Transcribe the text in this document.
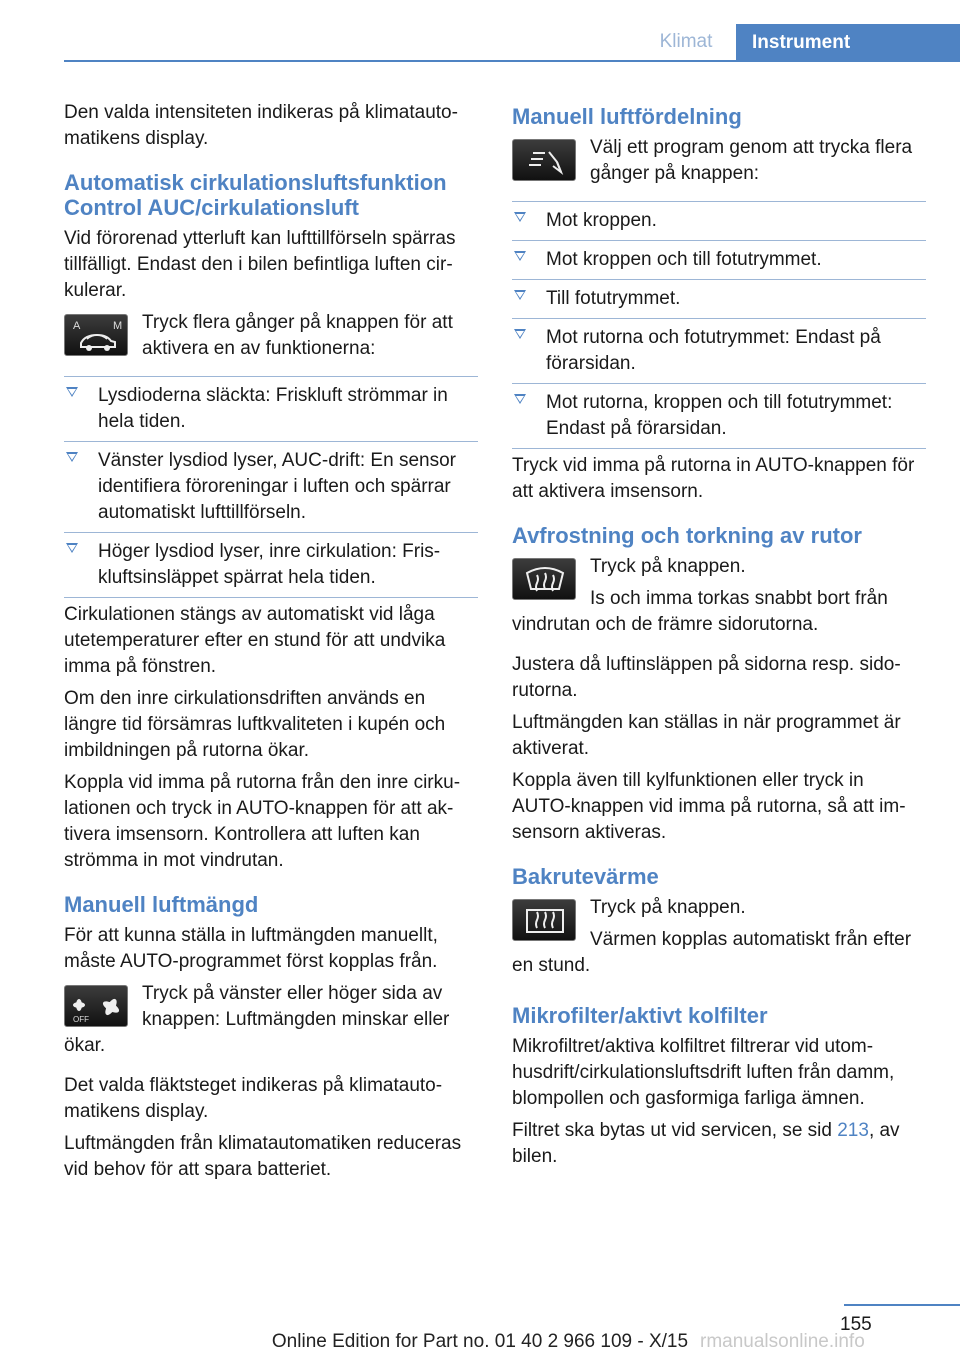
Klimat	Instrument

Den valda intensiteten indikeras på klimatautomatikens display.

Automatisk cirkulationsluftsfunktion Control AUC/cirkulationsluft

Vid förorenad ytterluft kan lufttillförseln spärras tillfälligt. Endast den i bilen befintliga luften cirkulerar.

A	M	Tryck flera gånger på knappen för att aktivera en av funktionerna:

Lysdioderna släckta: Friskluft strömmar in hela tiden.
Vänster lysdiod lyser, AUC-drift: En sensor identifiera föroreningar i luften och spärrar automatiskt lufttillförseln.
Höger lysdiod lyser, inre cirkulation: Friskluftsinsläppet spärrat hela tiden.

Cirkulationen stängs av automatiskt vid låga utetemperaturer efter en stund för att undvika imma på fönstren.

Om den inre cirkulationsdriften används en längre tid försämras luftkvaliteten i kupén och imbildningen på rutorna ökar.

Koppla vid imma på rutorna från den inre cirkulationen och tryck in AUTO-knappen för att aktivera imsensorn. Kontrollera att luften kan strömma in mot vindrutan.

Manuell luftmängd

För att kunna ställa in luftmängden manuellt, måste AUTO-programmet först kopplas från.

OFF

Tryck på vänster eller höger sida av knappen: Luftmängden minskar eller ökar.

Det valda fläktsteget indikeras på klimatautomatikens display.

Luftmängden från klimatautomatiken reduceras vid behov för att spara batteriet.

Manuell luftfördelning

Välj ett program genom att trycka flera gånger på knappen:

Mot kroppen.
Mot kroppen och till fotutrymmet.
Till fotutrymmet.
Mot rutorna och fotutrymmet: Endast på förarsidan.
Mot rutorna, kroppen och till fotutrymmet: Endast på förarsidan.

Tryck vid imma på rutorna in AUTO-knappen för att aktivera imsensorn.

Avfrostning och torkning av rutor

Tryck på knappen.

Is och imma torkas snabbt bort från vindrutan och de främre sidorutorna.

Justera då luftinsläppen på sidorna resp. sidorutorna.

Luftmängden kan ställas in när programmet är aktiverat.

Koppla även till kylfunktionen eller tryck in AUTO-knappen vid imma på rutorna, så att imsensorn aktiveras.

Bakrutevärme

Tryck på knappen.

Värmen kopplas automatiskt från efter en stund.

Mikrofilter/aktivt kolfilter

Mikrofiltret/aktiva kolfiltret filtrerar vid utomhusdrift/cirkulationsluftsdrift luften från damm, blompollen och gasformiga farliga ämnen.

Filtret ska bytas ut vid servicen, se sid 213, av bilen.

155
Online Edition for Part no. 01 40 2 966 109 - X/15 rmanualsonline.info
